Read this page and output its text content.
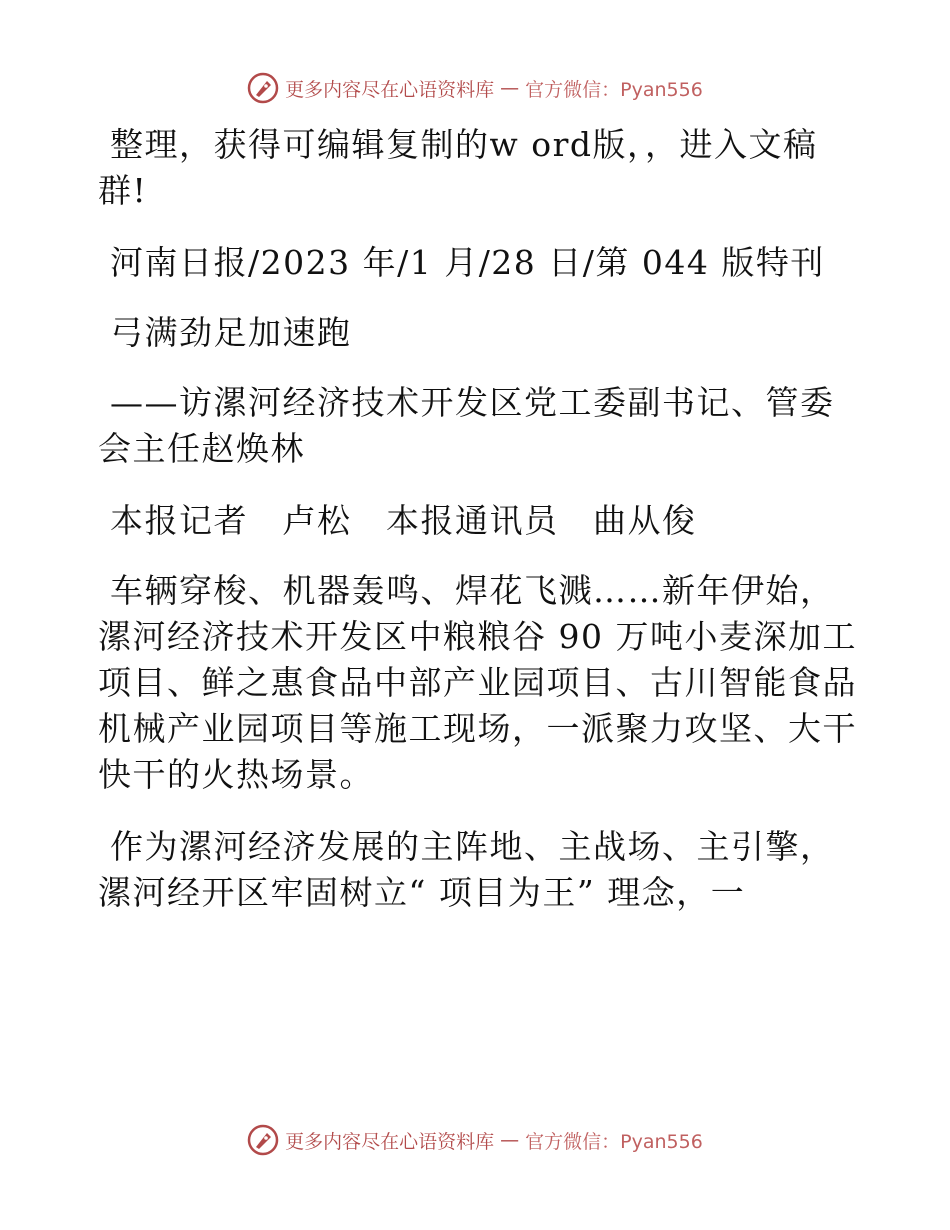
更多内容尽在心语资料库 — 官方微信：Pyan556

整理，获得可编辑复制的w ord版，，进入文稿群!

河南日报/2023 年/1 月/28 日/第 044 版特刊

弓满劲足加速跑

——访漯河经济技术开发区党工委副书记、管委会主任赵焕林

本报记者　卢松　本报通讯员　曲从俊

车辆穿梭、机器轰鸣、焊花飞溅……新年伊始，漯河经济技术开发区中粮粮谷 90 万吨小麦深加工项目、鲜之惠食品中部产业园项目、古川智能食品机械产业园项目等施工现场，一派聚力攻坚、大干快干的火热场景。

作为漯河经济发展的主阵地、主战场、主引擎，漯河经开区牢固树立“ 项目为王” 理念，一

更多内容尽在心语资料库 — 官方微信：Pyan556
